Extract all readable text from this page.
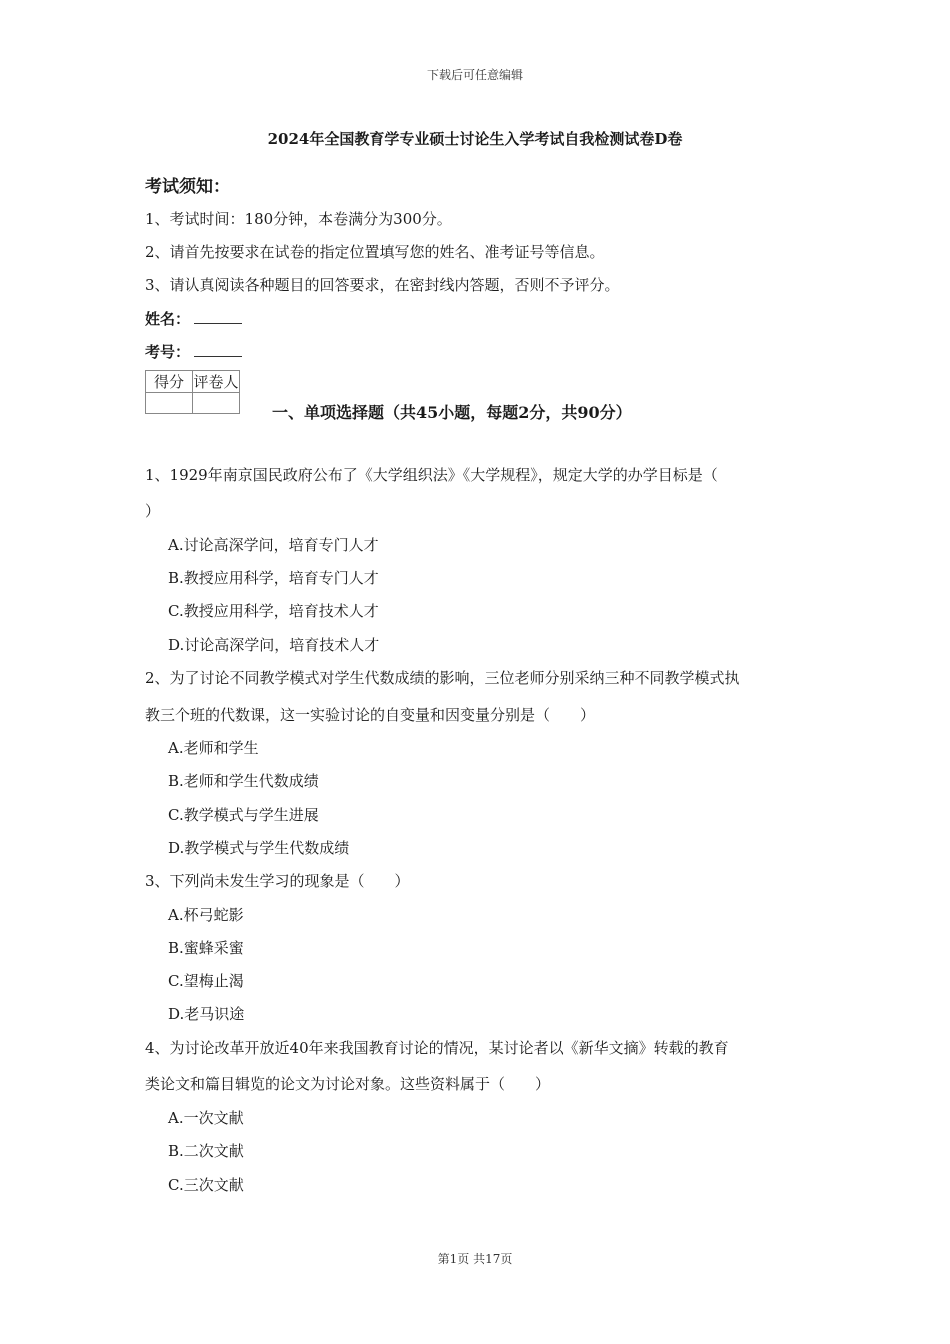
下载后可任意编辑
2024年全国教育学专业硕士讨论生入学考试自我检测试卷D卷
考试须知：
1、考试时间：180分钟，本卷满分为300分。
2、请首先按要求在试卷的指定位置填写您的姓名、准考证号等信息。
3、请认真阅读各种题目的回答要求，在密封线内答题，否则不予评分。
姓名：
考号：
得分	评卷人

一、单项选择题（共45小题，每题2分，共90分）
1、1929年南京国民政府公布了《大学组织法》《大学规程》，规定大学的办学目标是（
）
A.讨论高深学问，培育专门人才
B.教授应用科学，培育专门人才
C.教授应用科学，培育技术人才
D.讨论高深学问，培育技术人才
2、为了讨论不同教学模式对学生代数成绩的影响，三位老师分别采纳三种不同教学模式执
教三个班的代数课，这一实验讨论的自变量和因变量分别是（　　）
A.老师和学生
B.老师和学生代数成绩
C.教学模式与学生进展
D.教学模式与学生代数成绩
3、下列尚未发生学习的现象是（　　）
A.杯弓蛇影
B.蜜蜂采蜜
C.望梅止渴
D.老马识途
4、为讨论改革开放近40年来我国教育讨论的情况，某讨论者以《新华文摘》转载的教育
类论文和篇目辑览的论文为讨论对象。这些资料属于（　　）
A.一次文献
B.二次文献
C.三次文献
第1页 共17页
